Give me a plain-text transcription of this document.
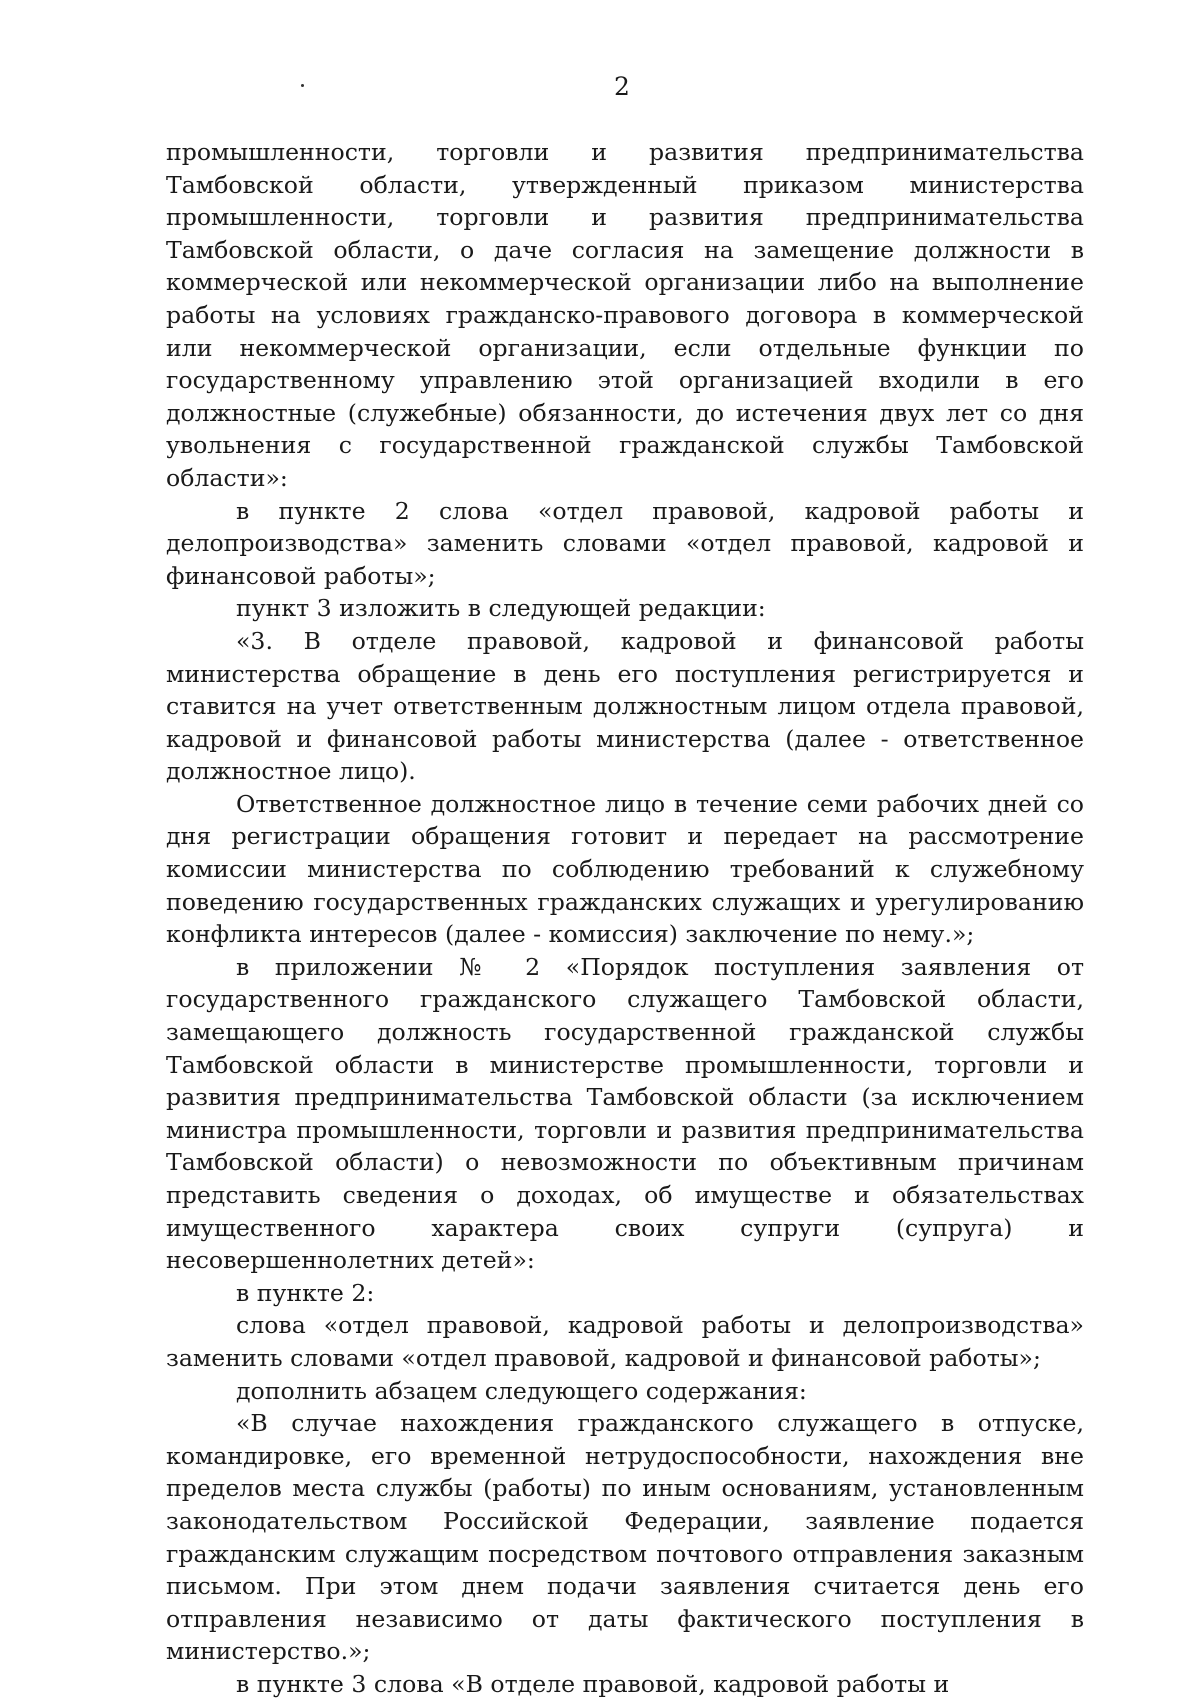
2

промышленности, торговли и развития предпринимательства Тамбовской области, утвержденный приказом министерства промышленности, торговли и развития предпринимательства Тамбовской области, о даче согласия на замещение должности в коммерческой или некоммерческой организации либо на выполнение работы на условиях гражданско-правового договора в коммерческой или некоммерческой организации, если отдельные функции по государственному управлению этой организацией входили в его должностные (служебные) обязанности, до истечения двух лет со дня увольнения с государственной гражданской службы Тамбовской области»:

в пункте 2 слова «отдел правовой, кадровой работы и делопроизводства» заменить словами «отдел правовой, кадровой и финансовой работы»;

пункт 3 изложить в следующей редакции:

«3. В отделе правовой, кадровой и финансовой работы министерства обращение в день его поступления регистрируется и ставится на учет ответственным должностным лицом отдела правовой, кадровой и финансовой работы министерства (далее - ответственное должностное лицо).

Ответственное должностное лицо в течение семи рабочих дней со дня регистрации обращения готовит и передает на рассмотрение комиссии министерства по соблюдению требований к служебному поведению государственных гражданских служащих и урегулированию конфликта интересов (далее - комиссия) заключение по нему.»;

в приложении № 2 «Порядок поступления заявления от государственного гражданского служащего Тамбовской области, замещающего должность государственной гражданской службы Тамбовской области в министерстве промышленности, торговли и развития предпринимательства Тамбовской области (за исключением министра промышленности, торговли и развития предпринимательства Тамбовской области) о невозможности по объективным причинам представить сведения о доходах, об имуществе и обязательствах имущественного характера своих супруги (супруга) и несовершеннолетних детей»:

в пункте 2:

слова «отдел правовой, кадровой работы и делопроизводства» заменить словами «отдел правовой, кадровой и финансовой работы»;

дополнить абзацем следующего содержания:

«В случае нахождения гражданского служащего в отпуске, командировке, его временной нетрудоспособности, нахождения вне пределов места службы (работы) по иным основаниям, установленным законодательством Российской Федерации, заявление подается гражданским служащим посредством почтового отправления заказным письмом. При этом днем подачи заявления считается день его отправления независимо от даты фактического поступления в министерство.»;

в пункте 3 слова «В отделе правовой, кадровой работы и
